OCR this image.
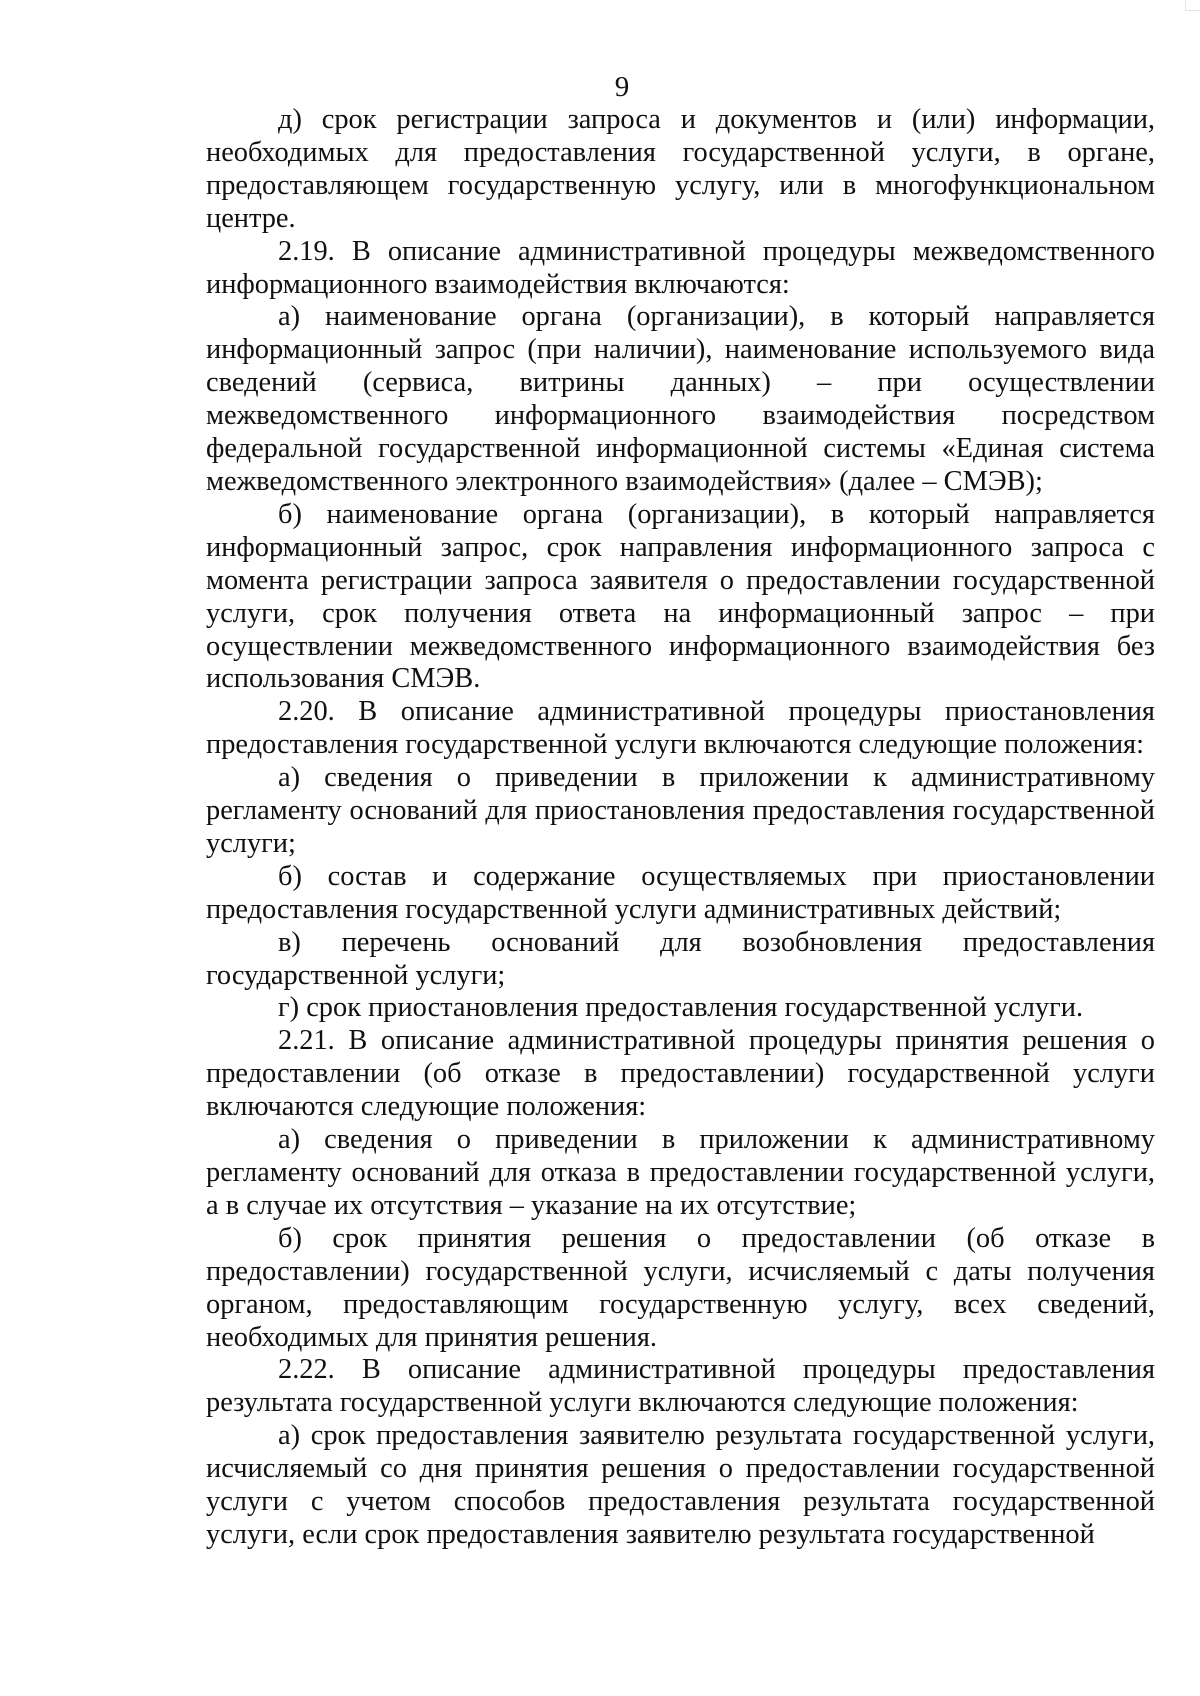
9

д) срок регистрации запроса и документов и (или) информации, необходимых для предоставления государственной услуги, в органе, предоставляющем государственную услугу, или в многофункциональном центре.

2.19. В описание административной процедуры межведомственного информационного взаимодействия включаются:

а) наименование органа (организации), в который направляется информационный запрос (при наличии), наименование используемого вида сведений (сервиса, витрины данных) – при осуществлении межведомственного информационного взаимодействия посредством федеральной государственной информационной системы «Единая система межведомственного электронного взаимодействия» (далее – СМЭВ);

б) наименование органа (организации), в который направляется информационный запрос, срок направления информационного запроса с момента регистрации запроса заявителя о предоставлении государственной услуги, срок получения ответа на информационный запрос – при осуществлении межведомственного информационного взаимодействия без использования СМЭВ.

2.20. В описание административной процедуры приостановления предоставления государственной услуги включаются следующие положения:

а) сведения о приведении в приложении к административному регламенту оснований для приостановления предоставления государственной услуги;

б) состав и содержание осуществляемых при приостановлении предоставления государственной услуги административных действий;

в) перечень оснований для возобновления предоставления государственной услуги;

г) срок приостановления предоставления государственной услуги.

2.21. В описание административной процедуры принятия решения о предоставлении (об отказе в предоставлении) государственной услуги включаются следующие положения:

а) сведения о приведении в приложении к административному регламенту оснований для отказа в предоставлении государственной услуги, а в случае их отсутствия – указание на их отсутствие;

б) срок принятия решения о предоставлении (об отказе в предоставлении) государственной услуги, исчисляемый с даты получения органом, предоставляющим государственную услугу, всех сведений, необходимых для принятия решения.

2.22. В описание административной процедуры предоставления результата государственной услуги включаются следующие положения:

а) срок предоставления заявителю результата государственной услуги, исчисляемый со дня принятия решения о предоставлении государственной услуги с учетом способов предоставления результата государственной услуги, если срок предоставления заявителю результата государственной
